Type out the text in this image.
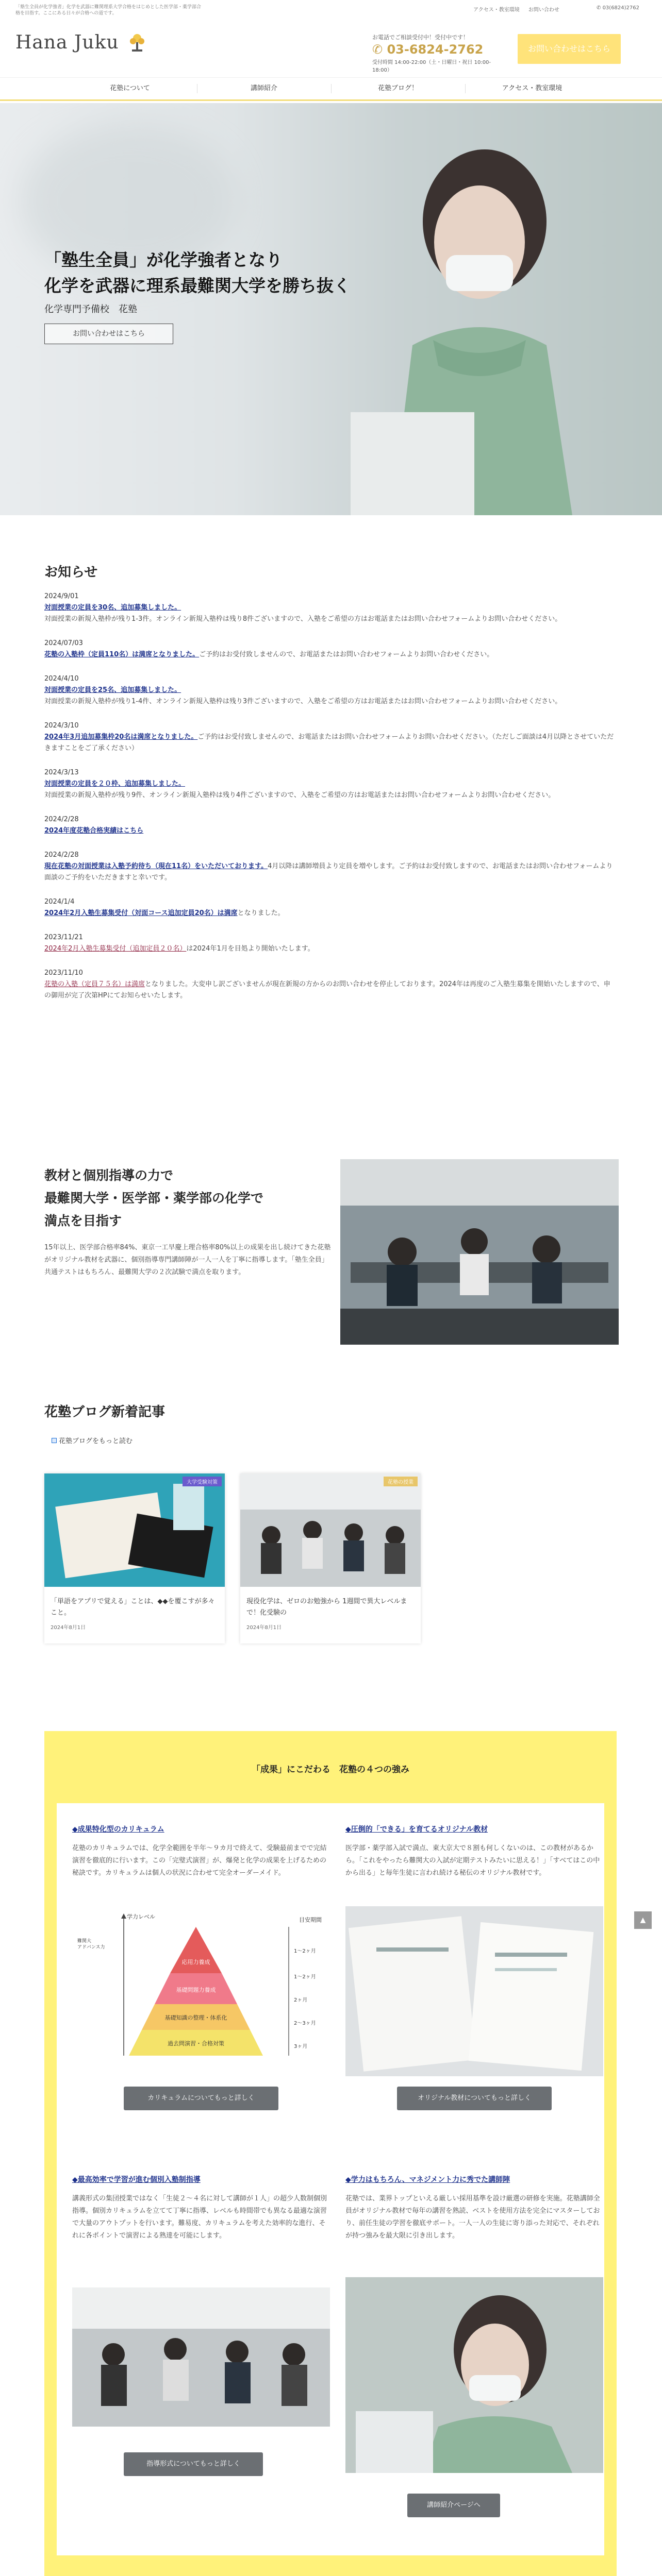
「塾生全員が化学強者」化学を武器に難関理系大学合格をはじめとした医学部・薬学部合格を目指す。ここにある日々が合格への道です。
Hana Juku
アクセス・教室環境 お問い合わせ	✆ 03(6824)2762
お電話でご相談受付中！受付中です！
✆ 03-6824-2762
受付時間 14:00-22:00（土・日曜日・祝日 10:00-18:00）
お問い合わせはこちら
花塾について	講師紹介	花塾ブログ！	アクセス・教室環境
「塾生全員」が化学強者となり
化学を武器に理系最難関大学を勝ち抜く
化学専門予備校　花塾
お問い合わせはこちら
お知らせ
2024/9/01
対面授業の定員を30名、追加募集しました。
対面授業の新規入塾枠が残り1-3件。オンライン新規入塾枠は残り8件ございますので、入塾をご希望の方はお電話またはお問い合わせフォームよりお問い合わせください。
2024/07/03
花塾の入塾枠（定員110名）は満席となりました。ご予約はお受付致しませんので、お電話またはお問い合わせフォームよりお問い合わせください。
2024/4/10
対面授業の定員を25名、追加募集しました。
対面授業の新規入塾枠が残り1-4件、オンライン新規入塾枠は残り3件ございますので、入塾をご希望の方はお電話またはお問い合わせフォームよりお問い合わせください。
2024/3/10
2024年3月追加募集枠20名は満席となりました。ご予約はお受付致しませんので、お電話またはお問い合わせフォームよりお問い合わせください。（ただしご面談は4月以降とさせていただきますことをご了承ください）
2024/3/13
対面授業の定員を２０枠、追加募集しました。
対面授業の新規入塾枠が残り9件、オンライン新規入塾枠は残り4件ございますので、入塾をご希望の方はお電話またはお問い合わせフォームよりお問い合わせください。
2024/2/28
2024年度花塾合格実績はこちら
2024/2/28
現在花塾の対面授業は入塾予約待ち（現在11名）をいただいております。4月以降は講師増員より定員を増やします。ご予約はお受付致しますので、お電話またはお問い合わせフォームより面談のご予約をいただきますと幸いです。
2024/1/4
2024年2月入塾生募集受付（対面コース追加定員20名）は満席となりました。
2023/11/21
2024年2月入塾生募集受付（追加定員２０名）は2024年1月を目処より開始いたします。
2023/11/10
花塾の入塾（定員７５名）は満席となりました。大変申し訳ございませんが現在新規の方からのお問い合わせを停止しております。2024年は再度のご入塾生募集を開始いたしますので、申の御用が完了次第HPにてお知らせいたします。
教材と個別指導の力で
最難関大学・医学部・薬学部の化学で
満点を目指す
15年以上、医学部合格率84%、東京一工早慶上理合格率80%以上の成果を出し続けてきた花塾がオリジナル教材を武器に、個別指導専門講師陣が一人一人を丁寧に指導します。「塾生全員」共通テストはもちろん、最難関大学の２次試験で満点を取ります。
花塾ブログ新着記事
花塾ブログをもっと読む
大学受験対策
「単語をアプリで覚える」ことは、◆◆を覆こすが多々こと。
2024年8月1日
花塾の授業
現役化学は、ゼロのお勉強から 1週間で異大レベルまで！化受験の
2024年8月1日
「成果」にこだわる　花塾の４つの強み
◆成果特化型のカリキュラム
花塾のカリキュラムでは、化学全範囲を半年〜９カ月で終えて、受験最前までで完結演習を徹底的に行います。この「完璧式演習」が、爆発と化学の成果を上げるための秘訣です。カリキュラムは個人の状況に合わせて完全オーダーメイド。
学力レベル
難関大
アドバンス力
応用力養成
基礎問題力養成
基礎知識の整理・体系化
過去問演習・合格対策
目安期間
1〜2ヶ月
1〜2ヶ月
2ヶ月
2〜3ヶ月
3ヶ月
カリキュラムについてもっと詳しく
◆圧倒的「できる」を育てるオリジナル教材
医学部・薬学部入試で満点、東大京大で８割も何しくないのは、この教材があるから。「これをやったら難関大の入試が定期テストみたいに思える！」「すべてはこの中から出る」と毎年生徒に言われ続ける秘伝のオリジナル教材です。
オリジナル教材についてもっと詳しく
◆最高効率で学習が進む個別入塾制指導
講義形式の集団授業ではなく「生徒２〜４名に対して講師が１人」の超少人数制個別指導。個別カリキュラムを立てて丁寧に指導、レベルも時間帯でも異なる最適な演習で大量のアウトプットを行います。難易度、カリキュラムを考えた効率的な進行、それに各ポイントで演習による熟達を可能にします。
指導形式についてもっと詳しく
◆学力はもちろん、マネジメント力に秀でた講師陣
花塾では、業界トップといえる厳しい採用基準を設け厳選の研修を実施。花塾講師全員がオリジナル教材で毎年の講習を熟読、ベストを使用方法を完全にマスターしており、前任生徒の学習を徹底サポート。一人一人の生徒に寄り添った対応で、それぞれが持つ強みを最大限に引き出します。
講師紹介ページへ
▲
